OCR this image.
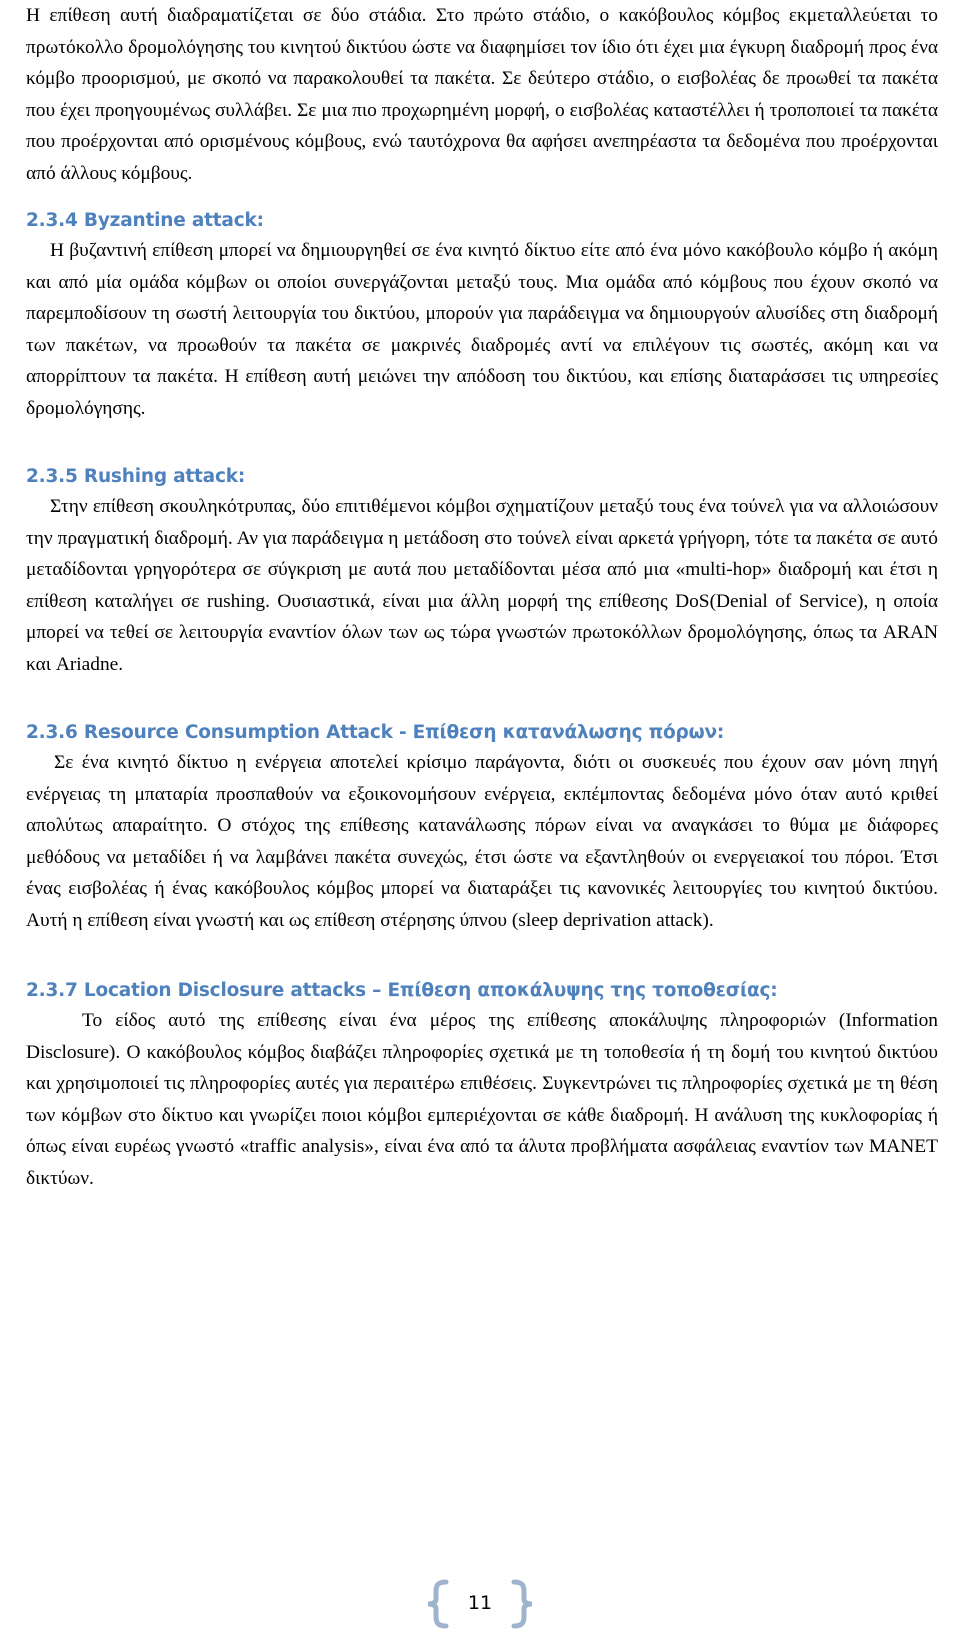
Η επίθεση αυτή διαδραματίζεται σε δύο στάδια. Στο πρώτο στάδιο, ο κακόβουλος κόμβος εκμεταλλεύεται το πρωτόκολλο δρομολόγησης του κινητού δικτύου ώστε να διαφημίσει τον ίδιο ότι έχει μια έγκυρη διαδρομή προς ένα κόμβο προορισμού, με σκοπό να παρακολουθεί τα πακέτα. Σε δεύτερο στάδιο, ο εισβολέας δε προωθεί τα πακέτα που έχει προηγουμένως συλλάβει. Σε μια πιο προχωρημένη μορφή, ο εισβολέας καταστέλλει ή τροποποιεί τα πακέτα που προέρχονται από ορισμένους κόμβους, ενώ ταυτόχρονα θα αφήσει ανεπηρέαστα τα δεδομένα που προέρχονται από άλλους κόμβους.

2.3.4 Byzantine attack:

Η βυζαντινή επίθεση μπορεί να δημιουργηθεί σε ένα κινητό δίκτυο είτε από ένα μόνο κακόβουλο κόμβο ή ακόμη και από μία ομάδα κόμβων οι οποίοι συνεργάζονται μεταξύ τους. Μια ομάδα από κόμβους που έχουν σκοπό να παρεμποδίσουν τη σωστή λειτουργία του δικτύου, μπορούν για παράδειγμα να δημιουργούν αλυσίδες στη διαδρομή των πακέτων, να προωθούν τα πακέτα σε μακρινές διαδρομές αντί να επιλέγουν τις σωστές, ακόμη και να απορρίπτουν τα πακέτα. Η επίθεση αυτή μειώνει την απόδοση του δικτύου, και επίσης διαταράσσει τις υπηρεσίες δρομολόγησης.

2.3.5 Rushing attack:

Στην επίθεση σκουληκότρυπας, δύο επιτιθέμενοι κόμβοι σχηματίζουν μεταξύ τους ένα τούνελ για να αλλοιώσουν την πραγματική διαδρομή. Αν για παράδειγμα η μετάδοση στο τούνελ είναι αρκετά γρήγορη, τότε τα πακέτα σε αυτό μεταδίδονται γρηγορότερα σε σύγκριση με αυτά που μεταδίδονται μέσα από μια «multi-hop» διαδρομή και έτσι η επίθεση καταλήγει σε rushing. Ουσιαστικά, είναι μια άλλη μορφή της επίθεσης DoS(Denial of Service), η οποία μπορεί να τεθεί σε λειτουργία εναντίον όλων των ως τώρα γνωστών πρωτοκόλλων δρομολόγησης, όπως τα ARAN και Ariadne.

2.3.6 Resource Consumption Attack - Επίθεση κατανάλωσης πόρων:

Σε ένα κινητό δίκτυο η ενέργεια αποτελεί κρίσιμο παράγοντα, διότι οι συσκευές που έχουν σαν μόνη πηγή ενέργειας τη μπαταρία προσπαθούν να εξοικονομήσουν ενέργεια, εκπέμποντας δεδομένα μόνο όταν αυτό κριθεί απολύτως απαραίτητο. Ο στόχος της επίθεσης κατανάλωσης πόρων είναι να αναγκάσει το θύμα με διάφορες μεθόδους να μεταδίδει ή να λαμβάνει πακέτα συνεχώς, έτσι ώστε να εξαντληθούν οι ενεργειακοί του πόροι. Έτσι ένας εισβολέας ή ένας κακόβουλος κόμβος μπορεί να διαταράξει τις κανονικές λειτουργίες του κινητού δικτύου. Αυτή η επίθεση είναι γνωστή και ως επίθεση στέρησης ύπνου (sleep deprivation attack).

2.3.7 Location Disclosure attacks – Επίθεση αποκάλυψης της τοποθεσίας:

Το είδος αυτό της επίθεσης είναι ένα μέρος της επίθεσης αποκάλυψης πληροφοριών (Information Disclosure). Ο κακόβουλος κόμβος διαβάζει πληροφορίες σχετικά με τη τοποθεσία ή τη δομή του κινητού δικτύου και χρησιμοποιεί τις πληροφορίες αυτές για περαιτέρω επιθέσεις. Συγκεντρώνει τις πληροφορίες σχετικά με τη θέση των κόμβων στο δίκτυο και γνωρίζει ποιοι κόμβοι εμπεριέχονται σε κάθε διαδρομή. Η ανάλυση της κυκλοφορίας ή όπως είναι ευρέως γνωστό «traffic analysis», είναι ένα από τα άλυτα προβλήματα ασφάλειας εναντίον των MANET δικτύων.

11
